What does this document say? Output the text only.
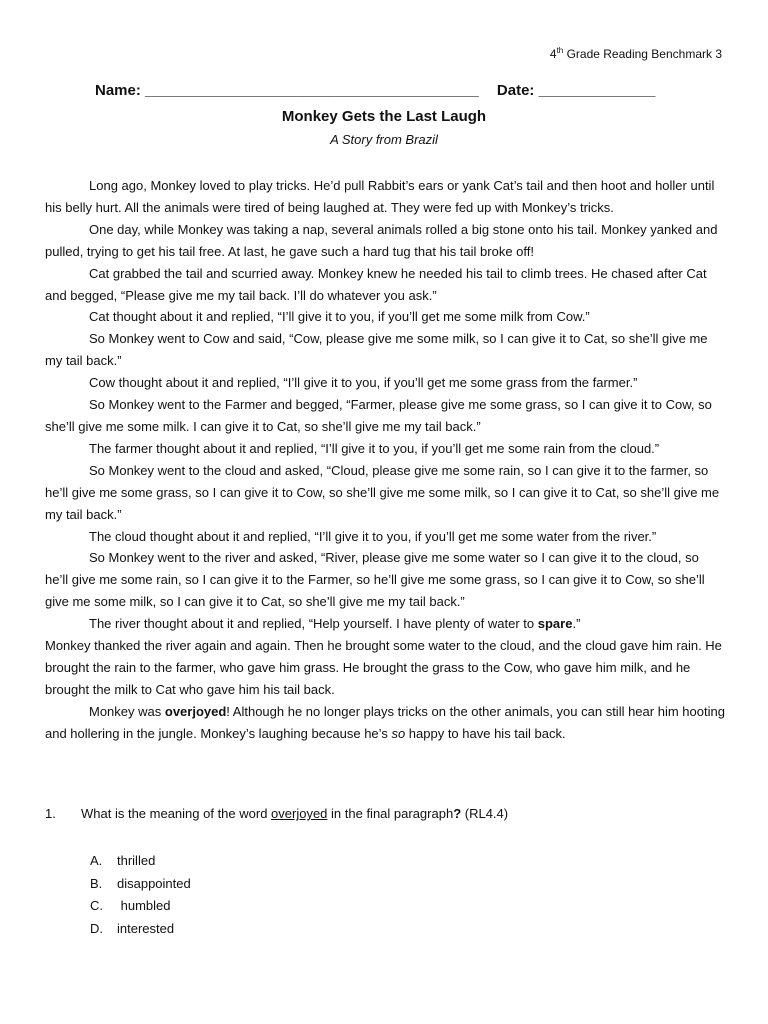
4th Grade Reading Benchmark 3
Name: ________________________________________ Date: ______________
Monkey Gets the Last Laugh
A Story from Brazil

Long ago, Monkey loved to play tricks. He’d pull Rabbit’s ears or yank Cat’s tail and then hoot and holler until his belly hurt. All the animals were tired of being laughed at. They were fed up with Monkey’s tricks.

One day, while Monkey was taking a nap, several animals rolled a big stone onto his tail. Monkey yanked and pulled, trying to get his tail free. At last, he gave such a hard tug that his tail broke off!

Cat grabbed the tail and scurried away. Monkey knew he needed his tail to climb trees. He chased after Cat and begged, “Please give me my tail back. I’ll do whatever you ask.”

Cat thought about it and replied, “I’ll give it to you, if you’ll get me some milk from Cow.”

So Monkey went to Cow and said, “Cow, please give me some milk, so I can give it to Cat, so she’ll give me my tail back.”

Cow thought about it and replied, “I’ll give it to you, if you’ll get me some grass from the farmer.”

So Monkey went to the Farmer and begged, “Farmer, please give me some grass, so I can give it to Cow, so she’ll give me some milk. I can give it to Cat, so she’ll give me my tail back.”

The farmer thought about it and replied, “I’ll give it to you, if you’ll get me some rain from the cloud.”

So Monkey went to the cloud and asked, “Cloud, please give me some rain, so I can give it to the farmer, so he’ll give me some grass, so I can give it to Cow, so she’ll give me some milk, so I can give it to Cat, so she’ll give me my tail back.”

The cloud thought about it and replied, “I’ll give it to you, if you’ll get me some water from the river.”

So Monkey went to the river and asked, “River, please give me some water so I can give it to the cloud, so he’ll give me some rain, so I can give it to the Farmer, so he’ll give me some grass, so I can give it to Cow, so she’ll give me some milk, so I can give it to Cat, so she’ll give me my tail back.”

The river thought about it and replied, “Help yourself. I have plenty of water to spare.”

Monkey thanked the river again and again. Then he brought some water to the cloud, and the cloud gave him rain. He brought the rain to the farmer, who gave him grass. He brought the grass to the Cow, who gave him milk, and he brought the milk to Cat who gave him his tail back.

Monkey was overjoyed! Although he no longer plays tricks on the other animals, you can still hear him hooting and hollering in the jungle. Monkey’s laughing because he’s so happy to have his tail back.

1. What is the meaning of the word overjoyed in the final paragraph? (RL4.4)
A. thrilled
B. disappointed
C. humbled
D. interested
